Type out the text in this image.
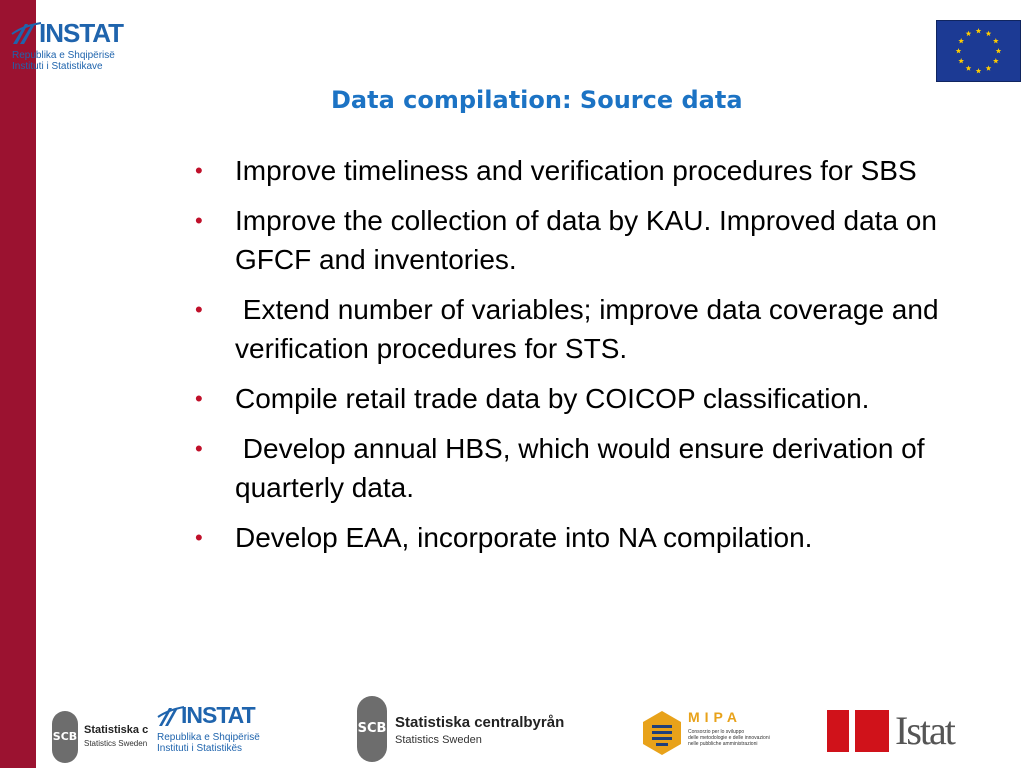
INSTAT
Republika e Shqipërisë
Instituti i Statistikave
Data compilation: Source data
• Improve timeliness and verification procedures for SBS
• Improve the collection of data by KAU. Improved data on GFCF and inventories.
• Extend number of variables; improve data coverage and verification procedures for STS.
• Compile retail trade data by COICOP classification.
• Develop annual HBS, which would ensure derivation of quarterly data.
• Develop EAA, incorporate into NA compilation.
SCB Statistiska c
Statistics Sweden
INSTAT
Republika e Shqipërisë
Instituti i Statistikës
SCB Statistiska centralbyrån
Statistics Sweden
MIPA
Consorzio per lo sviluppo
delle metodologie e delle innovazioni
nelle pubbliche amministrazioni	Istat
